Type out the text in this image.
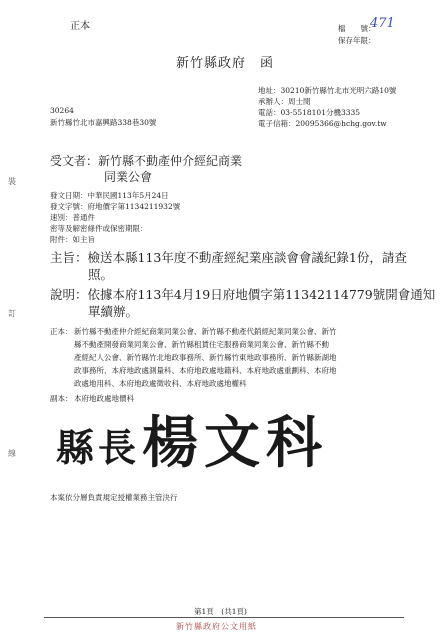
裝
訂
線
正本	檔　　號：
471
保存年限：
新竹縣政府　函
30264
新竹縣竹北市嘉興路338巷30號
地址：30210新竹縣竹北市光明六路10號
承辦人：周士閔
電話：03-5518101分機3335
電子信箱：20095366@hchg.gov.tw
受文者：新竹縣不動產仲介經紀商業
同業公會
發文日期：中華民國113年5月24日
發文字號：府地價字第1134211932號
速別：普通件
密等及解密條件或保密期限：
附件：如主旨
主旨：檢送本縣113年度不動產經紀業座談會會議紀錄1份，請查
照。
說明：依據本府113年4月19日府地價字第11342114779號開會通知
單續辦。
正本： 新竹縣不動產仲介經紀商業同業公會、新竹縣不動產代銷經紀業同業公會、新竹
縣不動產開發商業同業公會、新竹縣租賃住宅服務商業同業公會、新竹縣不動
產經紀人公會、新竹縣竹北地政事務所、新竹縣竹東地政事務所、新竹縣新湖地
政事務所、本府地政處測量科、本府地政處地籍科、本府地政處重劃科、本府地
政處地用科、本府地政處徵收科、本府地政處地權科
副本： 本府地政處地價科
縣長 楊文科
本案依分層負責規定授權業務主管決行
第1頁　(共1頁)
新竹縣政府公文用紙
